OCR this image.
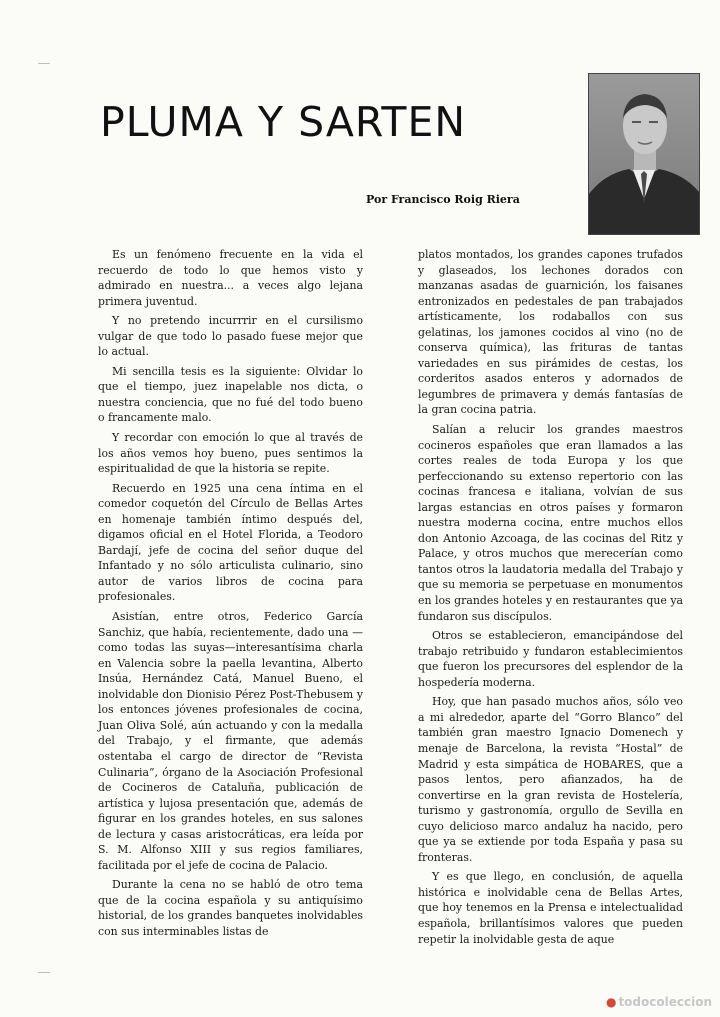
PLUMA Y SARTEN
Por Francisco Roig Riera

Es un fenómeno frecuente en la vida el recuerdo de todo lo que hemos visto y admirado en nuestra... a veces algo lejana primera juventud.

Y no pretendo incurrrir en el cursilismo vulgar de que todo lo pasado fuese mejor que lo actual.

Mi sencilla tesis es la siguiente: Olvidar lo que el tiempo, juez inapelable nos dicta, o nuestra conciencia, que no fué del todo bueno o francamente malo.

Y recordar con emoción lo que al través de los años vemos hoy bueno, pues sentimos la espiritualidad de que la historia se repite.

Recuerdo en 1925 una cena íntima en el comedor coquetón del Círculo de Bellas Artes en homenaje también íntimo después del, digamos oficial en el Hotel Florida, a Teodoro Bardají, jefe de cocina del señor duque del Infantado y no sólo articulista culinario, sino autor de varios libros de cocina para profesionales.

Asistían, entre otros, Federico García Sanchiz, que había, recientemente, dado una —como todas las suyas—interesantísima charla en Valencia sobre la paella levantina, Alberto Insúa, Hernández Catá, Manuel Bueno, el inolvidable don Dionisio Pérez Post-Thebusem y los entonces jóvenes profesionales de cocina, Juan Oliva Solé, aún actuando y con la medalla del Trabajo, y el firmante, que además ostentaba el cargo de director de “Revista Culinaria”, órgano de la Asociación Profesional de Cocineros de Cataluña, publicación de artística y lujosa presentación que, además de figurar en los grandes hoteles, en sus salones de lectura y casas aristocráticas, era leída por S. M. Alfonso XIII y sus regios familiares, facilitada por el jefe de cocina de Palacio.

Durante la cena no se habló de otro tema que de la cocina española y su antiquísimo historial, de los grandes banquetes inolvidables con sus interminables listas de

platos montados, los grandes capones trufados y glaseados, los lechones dorados con manzanas asadas de guarnición, los faisanes entronizados en pedestales de pan trabajados artísticamente, los rodaballos con sus gelatinas, los jamones cocidos al vino (no de conserva química), las frituras de tantas variedades en sus pirámides de cestas, los corderitos asados enteros y adornados de legumbres de primavera y demás fantasías de la gran cocina patria.

Salían a relucir los grandes maestros cocineros españoles que eran llamados a las cortes reales de toda Europa y los que perfeccionando su extenso repertorio con las cocinas francesa e italiana, volvían de sus largas estancias en otros países y formaron nuestra moderna cocina, entre muchos ellos don Antonio Azcoaga, de las cocinas del Ritz y Palace, y otros muchos que merecerían como tantos otros la laudatoria medalla del Trabajo y que su memoria se perpetuase en monumentos en los grandes hoteles y en restaurantes que ya fundaron sus discípulos.

Otros se establecieron, emancipándose del trabajo retribuido y fundaron establecimientos que fueron los precursores del esplendor de la hospedería moderna.

Hoy, que han pasado muchos años, sólo veo a mi alrededor, aparte del “Gorro Blanco” del también gran maestro Ignacio Domenech y menaje de Barcelona, la revista “Hostal” de Madrid y esta simpática de HOBARES, que a pasos lentos, pero afianzados, ha de convertirse en la gran revista de Hostelería, turismo y gastronomía, orgullo de Sevilla en cuyo delicioso marco andaluz ha nacido, pero que ya se extiende por toda España y pasa su fronteras.

Y es que llego, en conclusión, de aquella histórica e inolvidable cena de Bellas Artes, que hoy tenemos en la Prensa e intelectualidad española, brillantísimos valores que pueden repetir la inolvidable gesta de aque

● todocoleccion
